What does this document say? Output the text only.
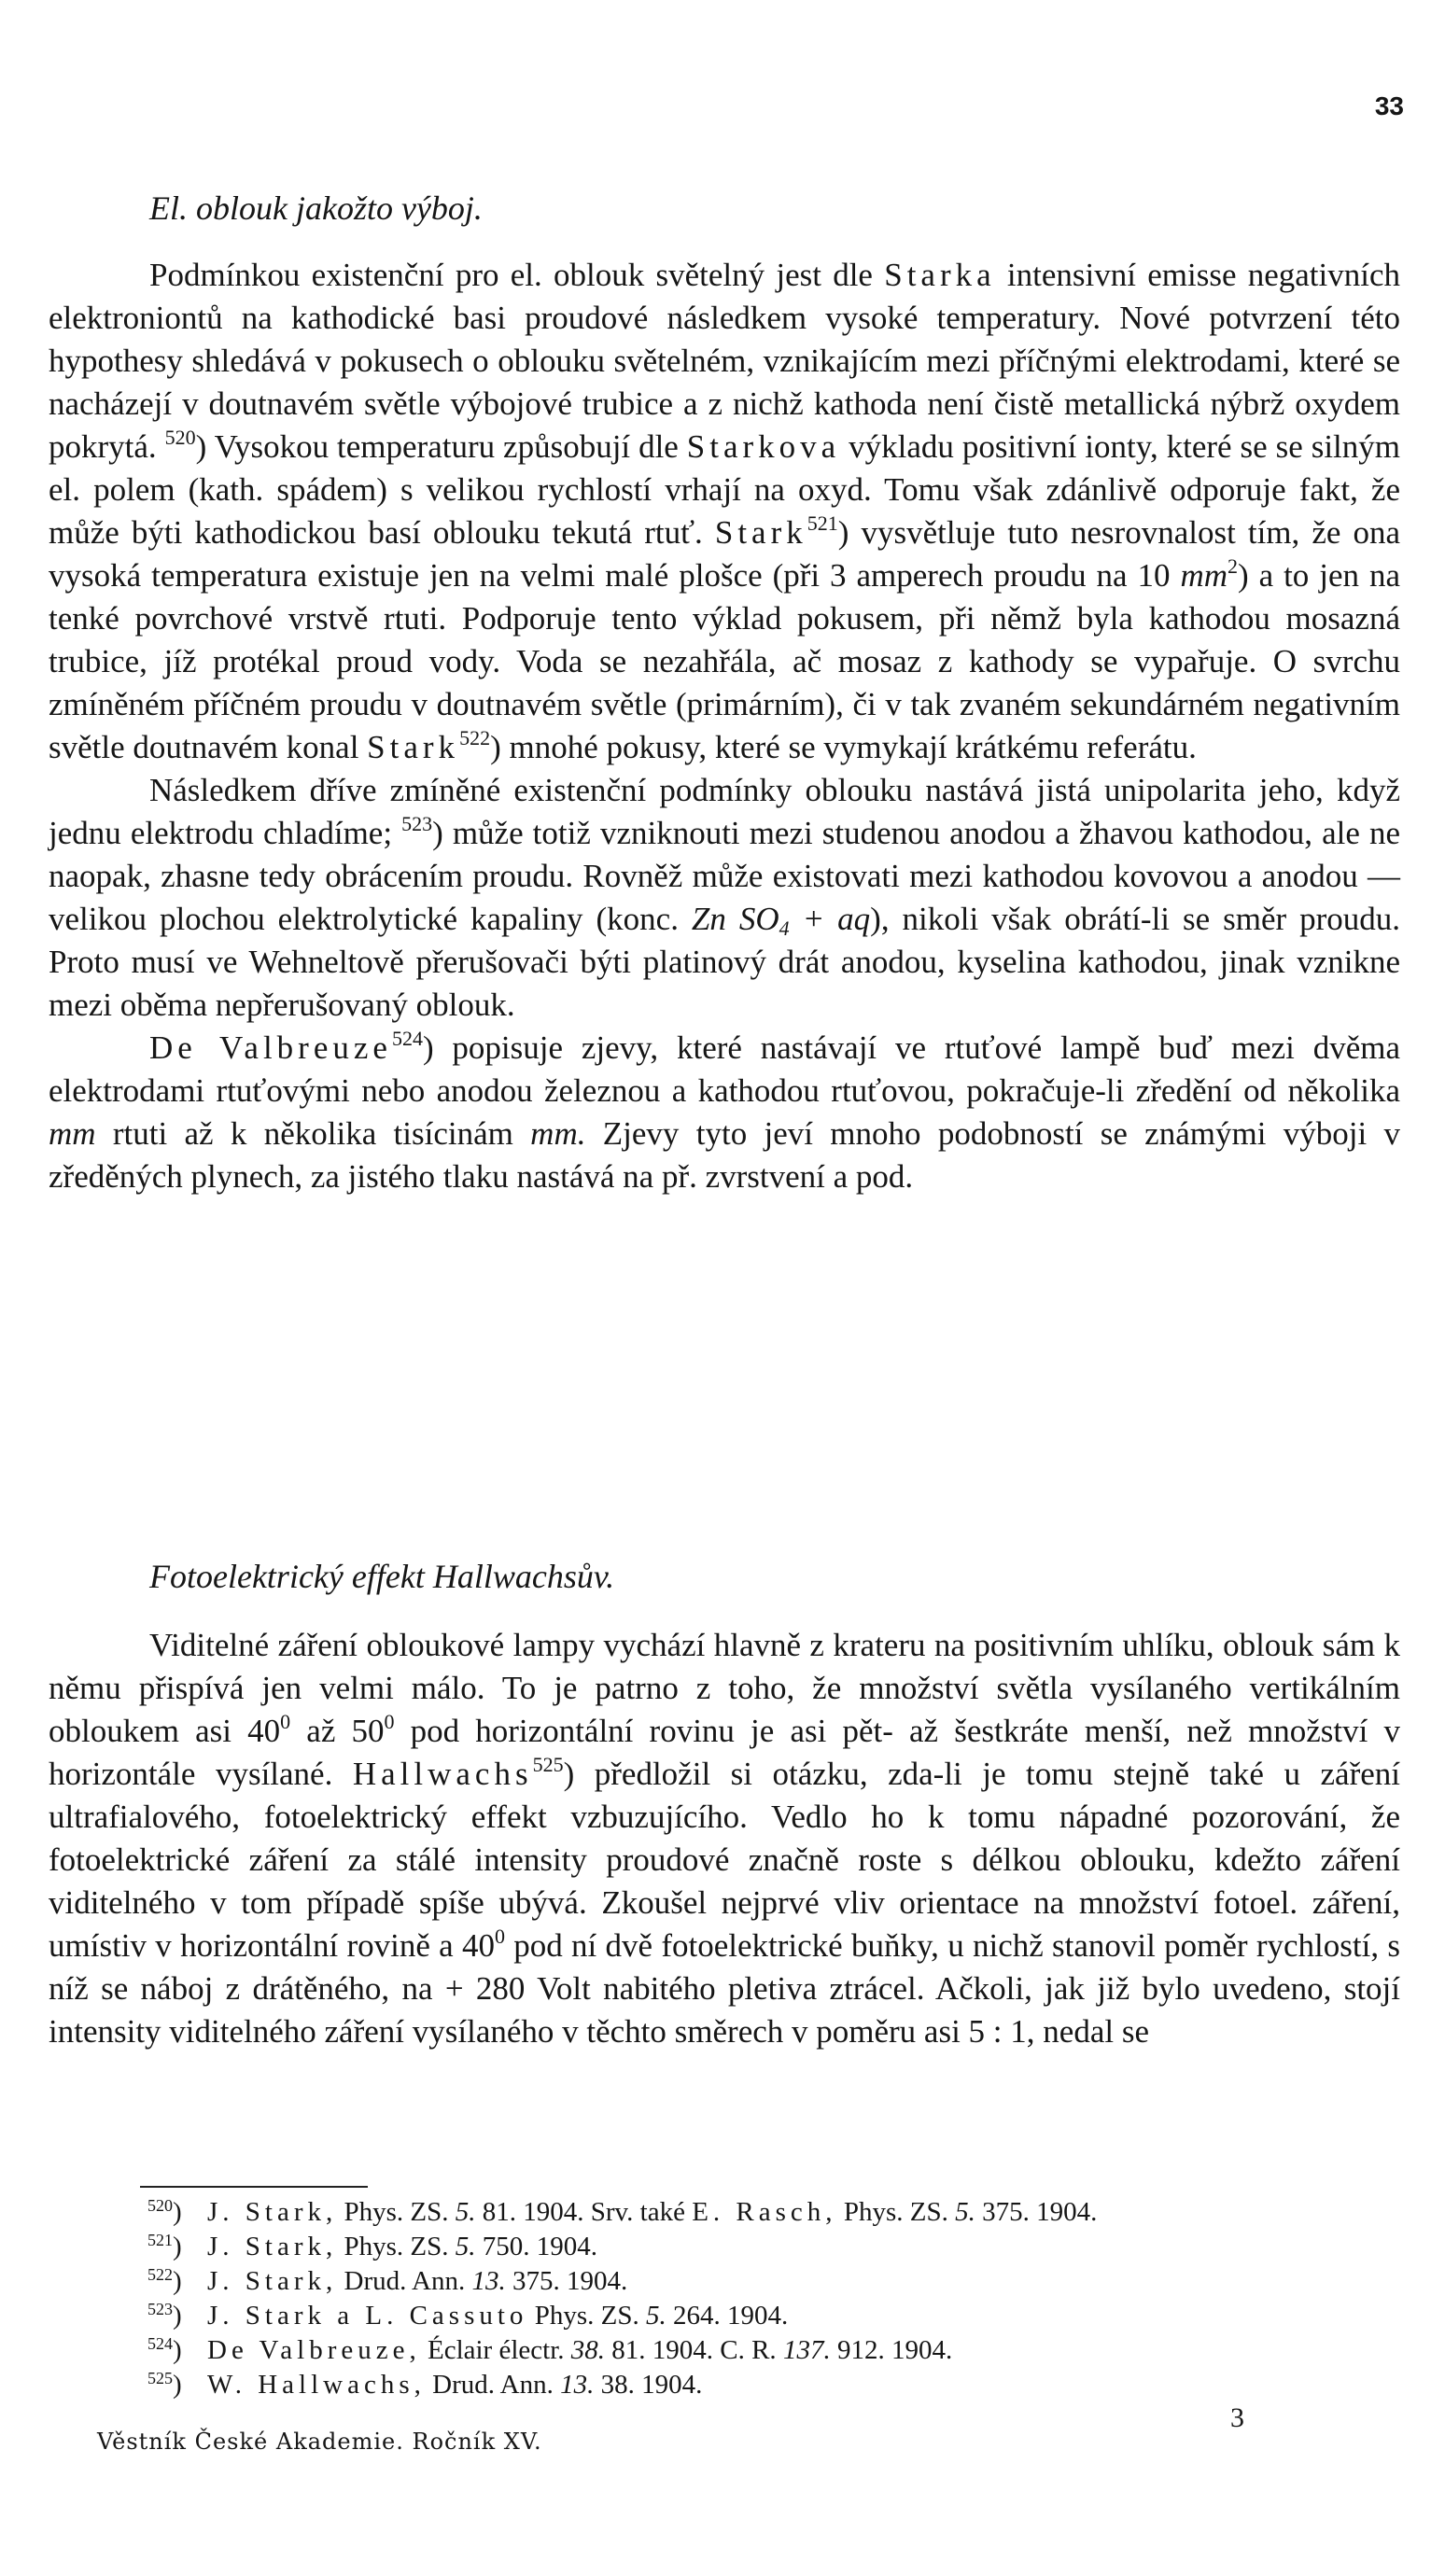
33
El. oblouk jakožto výboj.

Podmínkou existenční pro el. oblouk světelný jest dle Starka intensivní emisse negativních elektroniontů na kathodické basi proudové následkem vysoké temperatury. Nové potvrzení této hypothesy shledává v pokusech o oblouku světelném, vznikajícím mezi příčnými elektrodami, které se nacházejí v doutnavém světle výbojové trubice a z nichž kathoda není čistě metallická nýbrž oxydem pokrytá. $^{520}$) Vysokou temperaturu způsobují dle Starkova výkladu positivní ionty, které se se silným el. polem (kath. spádem) s velikou rychlostí vrhají na oxyd. Tomu však zdánlivě odporuje fakt, že může býti kathodickou basí oblouku tekutá rtuť. Stark$^{521}$) vysvětluje tuto nesrovnalost tím, že ona vysoká temperatura existuje jen na velmi malé plošce (při 3 amperech proudu na 10 $mm^2$) a to jen na tenké povrchové vrstvě rtuti. Podporuje tento výklad pokusem, při němž byla kathodou mosazná trubice, jíž protékal proud vody. Voda se nezahřála, ač mosaz z kathody se vypařuje. O svrchu zmíněném příčném proudu v doutnavém světle (primárním), či v tak zvaném sekundárném negativním světle doutnavém konal Stark$^{522}$) mnohé pokusy, které se vymykají krátkému referátu.

Následkem dříve zmíněné existenční podmínky oblouku nastává jistá unipolarita jeho, když jednu elektrodu chladíme; $^{523}$) může totiž vzniknouti mezi studenou anodou a žhavou kathodou, ale ne naopak, zhasne tedy obrácením proudu. Rovněž může existovati mezi kathodou kovovou a anodou — velikou plochou elektrolytické kapaliny (konc. Zn $SO_4 + aq$), nikoli však obrátí-li se směr proudu. Proto musí ve Wehneltově přerušovači býti platinový drát anodou, kyselina kathodou, jinak vznikne mezi oběma nepřerušovaný oblouk.

De Valbreuze$^{524}$) popisuje zjevy, které nastávají ve rtuťové lampě buď mezi dvěma elektrodami rtuťovými nebo anodou železnou a kathodou rtuťovou, pokračuje-li zředění od několika mm rtuti až k několika tisícinám mm. Zjevy tyto jeví mnoho podobností se známými výboji v zředěných plynech, za jistého tlaku nastává na př. zvrstvení a pod.

Fotoelektrický effekt Hallwachsův.

Viditelné záření obloukové lampy vychází hlavně z krateru na positivním uhlíku, oblouk sám k němu přispívá jen velmi málo. To je patrno z toho, že množství světla vysílaného vertikálním obloukem asi $40^0$ až $50^0$ pod horizontální rovinu je asi pět- až šestkráte menší, než množství v horizontále vysílané. Hallwachs$^{525}$) předložil si otázku, zda-li je tomu stejně také u záření ultrafialového, fotoelektrický effekt vzbuzujícího. Vedlo ho k tomu nápadné pozorování, že fotoelektrické záření za stálé intensity proudové značně roste s délkou oblouku, kdežto záření viditelného v tom případě spíše ubývá. Zkoušel nejprvé vliv orientace na množství fotoel. záření, umístiv v horizontální rovině a $40^0$ pod ní dvě fotoelektrické buňky, u nichž stanovil poměr rychlostí, s níž se náboj z drátěného, na + 280 Volt nabitého pletiva ztrácel. Ačkoli, jak již bylo uvedeno, stojí intensity viditelného záření vysílaného v těchto směrech v poměru asi 5 : 1, nedal se

$^{520}$) J. Stark, Phys. ZS. 5. 81. 1904. Srv. také E. Rasch, Phys. ZS. 5. 375. 1904.
$^{521}$) J. Stark, Phys. ZS. 5. 750. 1904.
$^{522}$) J. Stark, Drud. Ann. 13. 375. 1904.
$^{523}$) J. Stark a L. Cassuto Phys. ZS. 5. 264. 1904.
$^{524}$) De Valbreuze, Éclair électr. 38. 81. 1904. C. R. 137. 912. 1904.
$^{525}$) W. Hallwachs, Drud. Ann. 13. 38. 1904.
3
Věstník České Akademie. Ročník XV.
